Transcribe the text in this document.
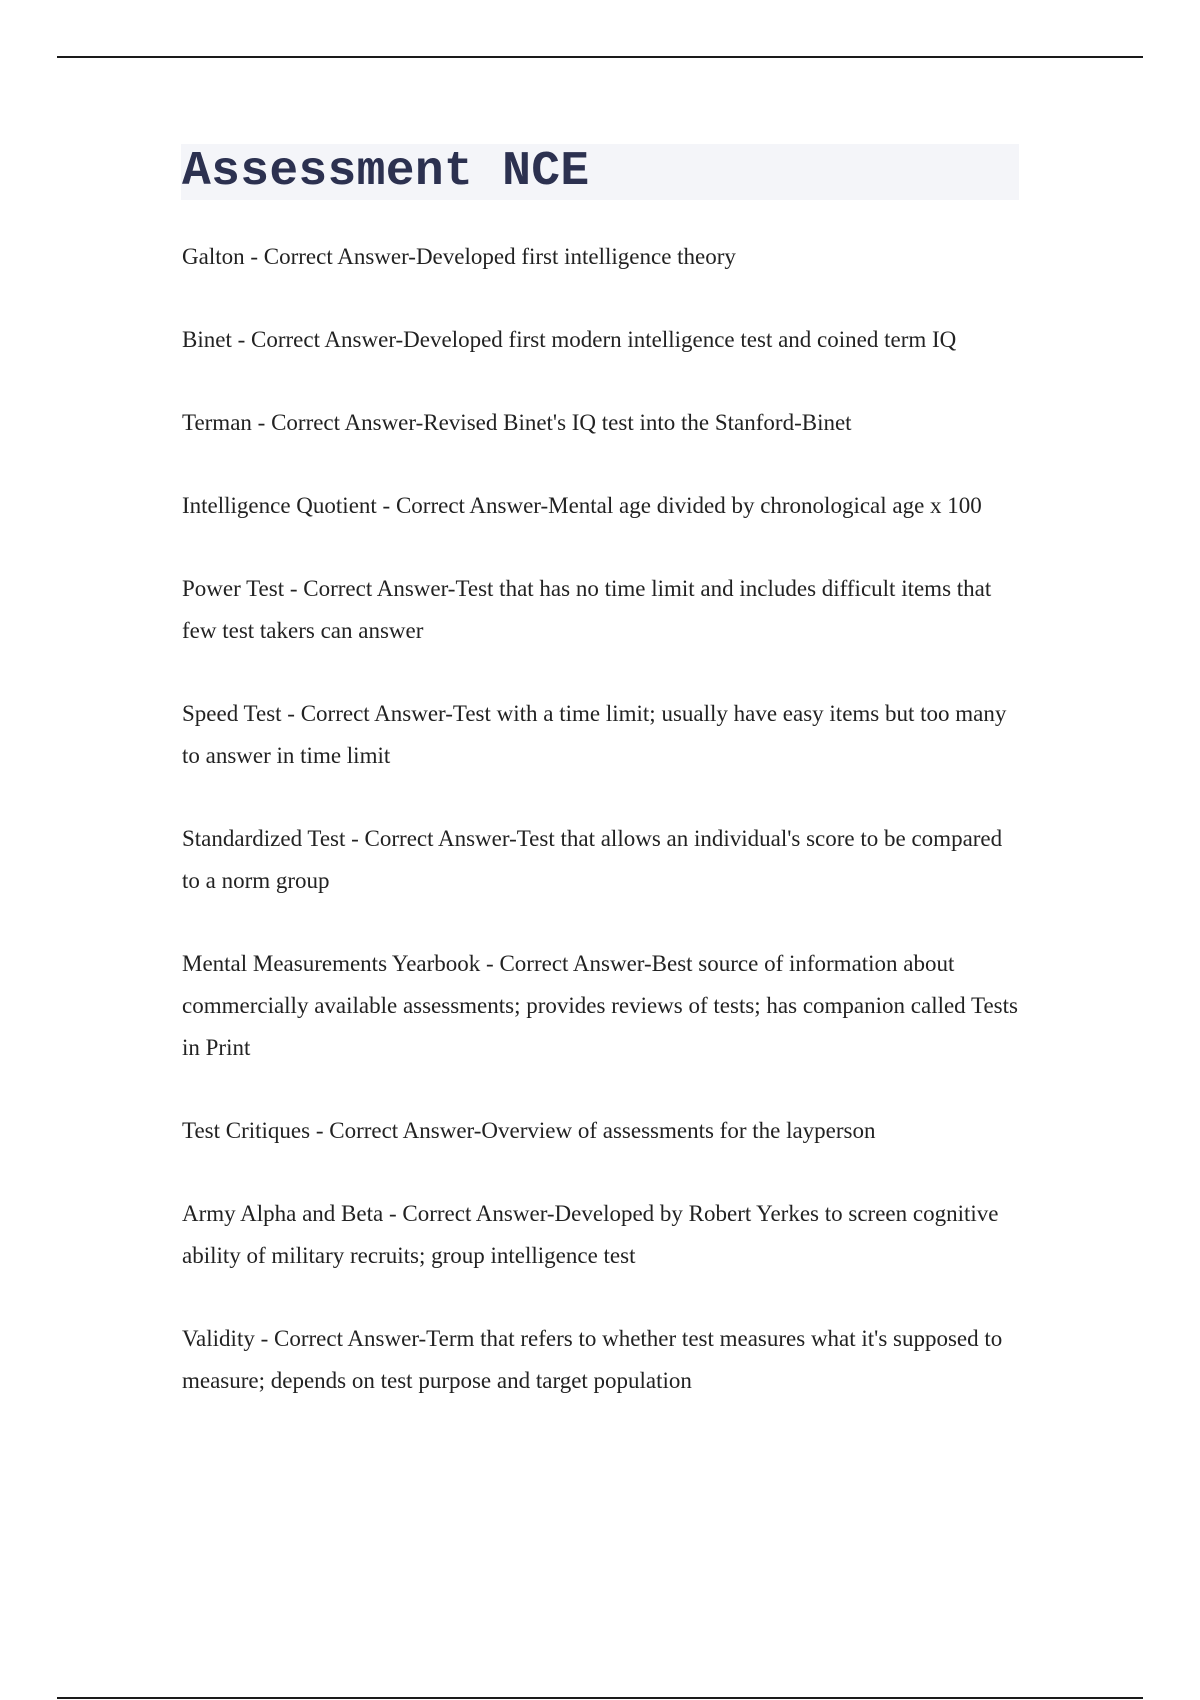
Assessment NCE

Galton - Correct Answer-Developed first intelligence theory

Binet - Correct Answer-Developed first modern intelligence test and coined term IQ

Terman - Correct Answer-Revised Binet's IQ test into the Stanford-Binet

Intelligence Quotient - Correct Answer-Mental age divided by chronological age x 100

Power Test - Correct Answer-Test that has no time limit and includes difficult items that few test takers can answer

Speed Test - Correct Answer-Test with a time limit; usually have easy items but too many to answer in time limit

Standardized Test - Correct Answer-Test that allows an individual's score to be compared to a norm group

Mental Measurements Yearbook - Correct Answer-Best source of information about commercially available assessments; provides reviews of tests; has companion called Tests in Print

Test Critiques - Correct Answer-Overview of assessments for the layperson

Army Alpha and Beta - Correct Answer-Developed by Robert Yerkes to screen cognitive ability of military recruits; group intelligence test

Validity - Correct Answer-Term that refers to whether test measures what it's supposed to measure; depends on test purpose and target population
